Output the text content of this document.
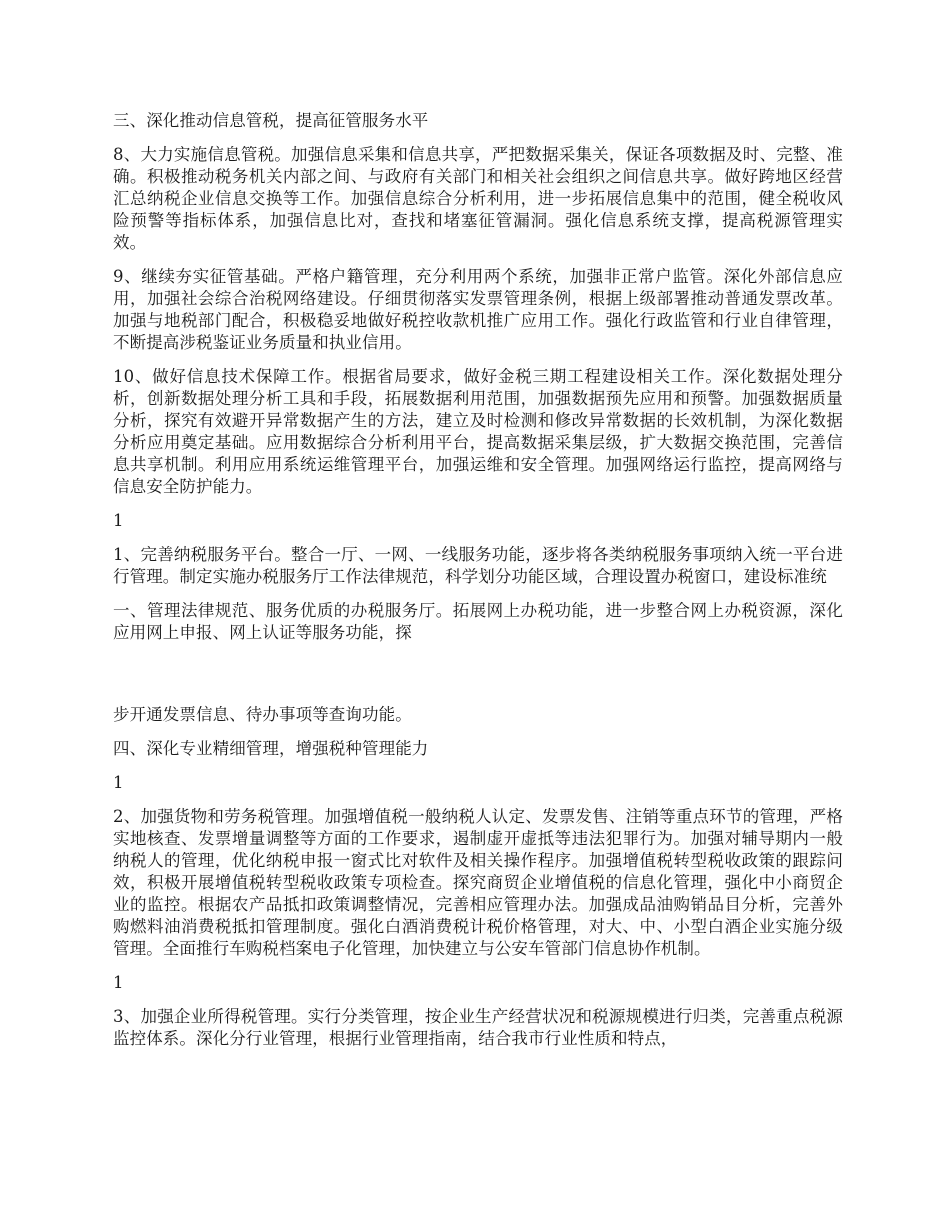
三、深化推动信息管税，提高征管服务水平

8、大力实施信息管税。加强信息采集和信息共享，严把数据采集关，保证各项数据及时、完整、准确。积极推动税务机关内部之间、与政府有关部门和相关社会组织之间信息共享。做好跨地区经营汇总纳税企业信息交换等工作。加强信息综合分析利用，进一步拓展信息集中的范围，健全税收风险预警等指标体系，加强信息比对，查找和堵塞征管漏洞。强化信息系统支撑，提高税源管理实效。

9、继续夯实征管基础。严格户籍管理，充分利用两个系统，加强非正常户监管。深化外部信息应用，加强社会综合治税网络建设。仔细贯彻落实发票管理条例，根据上级部署推动普通发票改革。加强与地税部门配合，积极稳妥地做好税控收款机推广应用工作。强化行政监管和行业自律管理，不断提高涉税鉴证业务质量和执业信用。

10、做好信息技术保障工作。根据省局要求，做好金税三期工程建设相关工作。深化数据处理分析，创新数据处理分析工具和手段，拓展数据利用范围，加强数据预先应用和预警。加强数据质量分析，探究有效避开异常数据产生的方法，建立及时检测和修改异常数据的长效机制，为深化数据分析应用奠定基础。应用数据综合分析利用平台，提高数据采集层级，扩大数据交换范围，完善信息共享机制。利用应用系统运维管理平台，加强运维和安全管理。加强网络运行监控，提高网络与信息安全防护能力。

1

1、完善纳税服务平台。整合一厅、一网、一线服务功能，逐步将各类纳税服务事项纳入统一平台进行管理。制定实施办税服务厅工作法律规范，科学划分功能区域，合理设置办税窗口，建设标准统

一、管理法律规范、服务优质的办税服务厅。拓展网上办税功能，进一步整合网上办税资源，深化应用网上申报、网上认证等服务功能，探

步开通发票信息、待办事项等查询功能。

四、深化专业精细管理，增强税种管理能力

1

2、加强货物和劳务税管理。加强增值税一般纳税人认定、发票发售、注销等重点环节的管理，严格实地核查、发票增量调整等方面的工作要求，遏制虚开虚抵等违法犯罪行为。加强对辅导期内一般纳税人的管理，优化纳税申报一窗式比对软件及相关操作程序。加强增值税转型税收政策的跟踪问效，积极开展增值税转型税收政策专项检查。探究商贸企业增值税的信息化管理，强化中小商贸企业的监控。根据农产品抵扣政策调整情况，完善相应管理办法。加强成品油购销品目分析，完善外购燃料油消费税抵扣管理制度。强化白酒消费税计税价格管理，对大、中、小型白酒企业实施分级管理。全面推行车购税档案电子化管理，加快建立与公安车管部门信息协作机制。

1

3、加强企业所得税管理。实行分类管理，按企业生产经营状况和税源规模进行归类，完善重点税源监控体系。深化分行业管理，根据行业管理指南，结合我市行业性质和特点，
